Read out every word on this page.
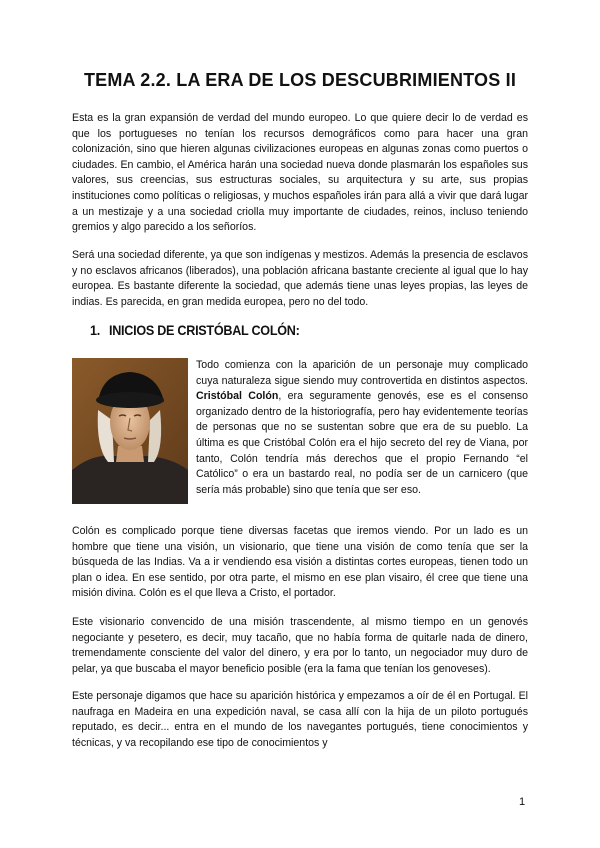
TEMA 2.2. LA ERA DE LOS DESCUBRIMIENTOS II

Esta es la gran expansión de verdad del mundo europeo. Lo que quiere decir lo de verdad es que los portugueses no tenían los recursos demográficos como para hacer una gran colonización, sino que hieren algunas civilizaciones europeas en algunas zonas como puertos o ciudades. En cambio, el América harán una sociedad nueva donde plasmarán los españoles sus valores, sus creencias, sus estructuras sociales, su arquitectura y su arte, sus propias instituciones como políticas o religiosas, y muchos españoles irán para allá a vivir que dará lugar a un mestizaje y a una sociedad criolla muy importante de ciudades, reinos, incluso teniendo gremios y algo parecido a los señoríos.

Será una sociedad diferente, ya que son indígenas y mestizos. Además la presencia de esclavos y no esclavos africanos (liberados), una población africana bastante creciente al igual que lo hay europea. Es bastante diferente la sociedad, que además tiene unas leyes propias, las leyes de indias. Es parecida, en gran medida europea, pero no del todo.

1. INICIOS DE CRISTÓBAL COLÓN:

Todo comienza con la aparición de un personaje muy complicado cuya naturaleza sigue siendo muy controvertida en distintos aspectos. Cristóbal Colón, era seguramente genovés, ese es el consenso organizado dentro de la historiografía, pero hay evidentemente teorías de personas que no se sustentan sobre que era de su pueblo. La última es que Cristóbal Colón era el hijo secreto del rey de Viana, por tanto, Colón tendría más derechos que el propio Fernando “el Católico” o era un bastardo real, no podía ser de un carnicero (que sería más probable) sino que tenía que ser eso.

Colón es complicado porque tiene diversas facetas que iremos viendo. Por un lado es un hombre que tiene una visión, un visionario, que tiene una visión de como tenía que ser la búsqueda de las Indias. Va a ir vendiendo esa visión a distintas cortes europeas, tienen todo un plan o idea. En ese sentido, por otra parte, el mismo en ese plan visairo, él cree que tiene una misión divina. Colón es el que lleva a Cristo, el portador.

Este visionario convencido de una misión trascendente, al mismo tiempo en un genovés negociante y pesetero, es decir, muy tacaño, que no había forma de quitarle nada de dinero, tremendamente consciente del valor del dinero, y era por lo tanto, un negociador muy duro de pelar, ya que buscaba el mayor beneficio posible (era la fama que tenían los genoveses).

Este personaje digamos que hace su aparición histórica y empezamos a oír de él en Portugal. El naufraga en Madeira en una expedición naval, se casa allí con la hija de un piloto portugués reputado, es decir... entra en el mundo de los navegantes portugués, tiene conocimientos y técnicas, y va recopilando ese tipo de conocimientos y

1
